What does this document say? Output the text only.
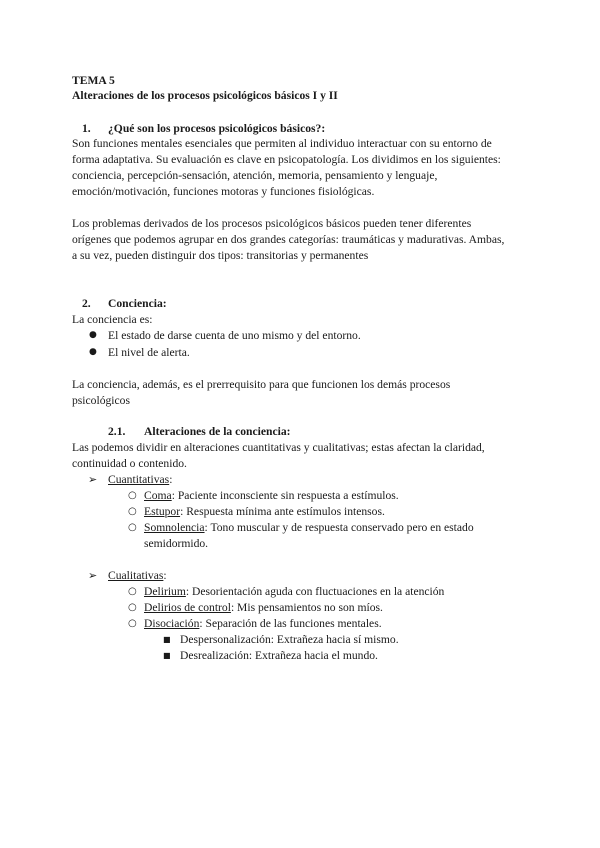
TEMA 5
Alteraciones de los procesos psicológicos básicos I y II
1. ¿Qué son los procesos psicológicos básicos?:
Son funciones mentales esenciales que permiten al individuo interactuar con su entorno de
forma adaptativa. Su evaluación es clave en psicopatología. Los dividimos en los siguientes:
conciencia, percepción-sensación, atención, memoria, pensamiento y lenguaje,
emoción/motivación, funciones motoras y funciones fisiológicas.
Los problemas derivados de los procesos psicológicos básicos pueden tener diferentes
orígenes que podemos agrupar en dos grandes categorías: traumáticas y madurativas. Ambas,
a su vez, pueden distinguir dos tipos: transitorias y permanentes
2. Conciencia:
La conciencia es:
● El estado de darse cuenta de uno mismo y del entorno.
● El nivel de alerta.
La conciencia, además, es el prerrequisito para que funcionen los demás procesos
psicológicos
2.1. Alteraciones de la conciencia:
Las podemos dividir en alteraciones cuantitativas y cualitativas; estas afectan la claridad,
continuidad o contenido.
➢ Cuantitativas:
○ Coma: Paciente inconsciente sin respuesta a estímulos.
○ Estupor: Respuesta mínima ante estímulos intensos.
○ Somnolencia: Tono muscular y de respuesta conservado pero en estado
semidormido.
➢ Cualitativas:
○ Delirium: Desorientación aguda con fluctuaciones en la atención
○ Delirios de control: Mis pensamientos no son míos.
○ Disociación: Separación de las funciones mentales.
■ Despersonalización: Extrañeza hacia sí mismo.
■ Desrealización: Extrañeza hacia el mundo.
